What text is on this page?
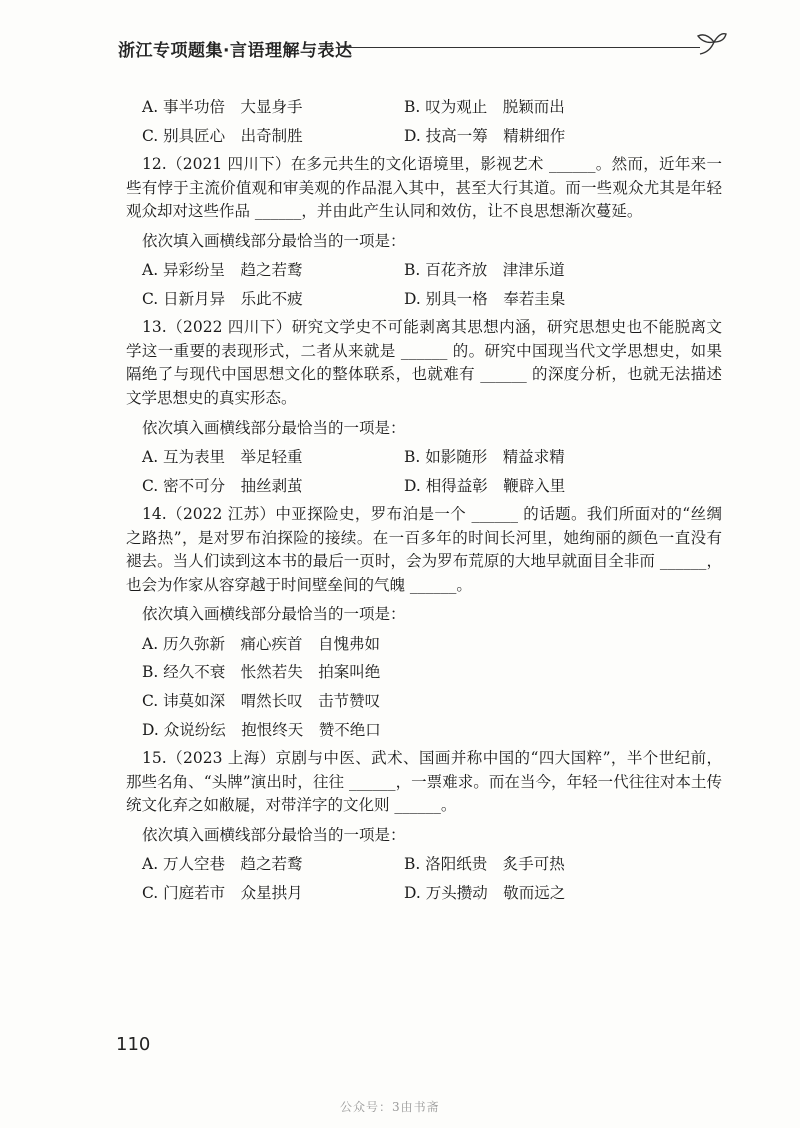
浙江专项题集·言语理解与表达
A. 事半功倍　大显身手	B. 叹为观止　脱颖而出
C. 别具匠心　出奇制胜	D. 技高一筹　精耕细作

12.（2021 四川下）在多元共生的文化语境里，影视艺术 ______。然而，近年来一些有悖于主流价值观和审美观的作品混入其中，甚至大行其道。而一些观众尤其是年轻观众却对这些作品 ______，并由此产生认同和效仿，让不良思想渐次蔓延。

依次填入画横线部分最恰当的一项是：
A. 异彩纷呈　趋之若鹜	B. 百花齐放　津津乐道
C. 日新月异　乐此不疲	D. 别具一格　奉若圭臬

13.（2022 四川下）研究文学史不可能剥离其思想内涵，研究思想史也不能脱离文学这一重要的表现形式，二者从来就是 ______ 的。研究中国现当代文学思想史，如果隔绝了与现代中国思想文化的整体联系，也就难有 ______ 的深度分析，也就无法描述文学思想史的真实形态。

依次填入画横线部分最恰当的一项是：
A. 互为表里　举足轻重	B. 如影随形　精益求精
C. 密不可分　抽丝剥茧	D. 相得益彰　鞭辟入里

14.（2022 江苏）中亚探险史，罗布泊是一个 ______ 的话题。我们所面对的“丝绸之路热”，是对罗布泊探险的接续。在一百多年的时间长河里，她绚丽的颜色一直没有褪去。当人们读到这本书的最后一页时，会为罗布荒原的大地早就面目全非而 ______，也会为作家从容穿越于时间壁垒间的气魄 ______。

依次填入画横线部分最恰当的一项是：
A. 历久弥新　痛心疾首　自愧弗如
B. 经久不衰　怅然若失　拍案叫绝
C. 讳莫如深　喟然长叹　击节赞叹
D. 众说纷纭　抱恨终天　赞不绝口

15.（2023 上海）京剧与中医、武术、国画并称中国的“四大国粹”，半个世纪前，那些名角、“头牌”演出时，往往 ______，一票难求。而在当今，年轻一代往往对本土传统文化弃之如敝屣，对带洋字的文化则 ______。

依次填入画横线部分最恰当的一项是：
A. 万人空巷　趋之若鹜	B. 洛阳纸贵　炙手可热
C. 门庭若市　众星拱月	D. 万头攒动　敬而远之
110
公众号：3由书斋
